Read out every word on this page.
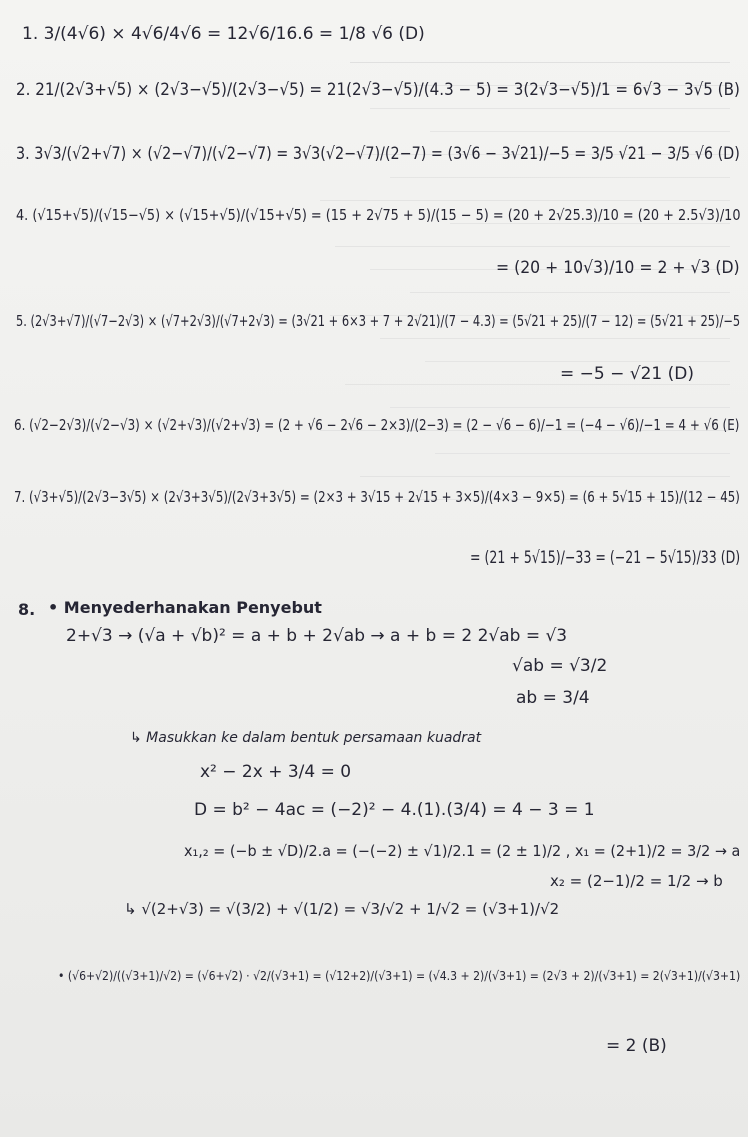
1. 3/(4√6) × 4√6/4√6 = 12√6/16.6 = 1/8 √6 (D)
2. 21/(2√3+√5) × (2√3−√5)/(2√3−√5) = 21(2√3−√5)/(4.3 − 5) = 3(2√3−√5)/1 = 6√3 − 3√5 (B)
3. 3√3/(√2+√7) × (√2−√7)/(√2−√7) = 3√3(√2−√7)/(2−7) = (3√6 − 3√21)/−5 = 3/5 √21 − 3/5 √6 (D)
4. (√15+√5)/(√15−√5) × (√15+√5)/(√15+√5) = (15 + 2√75 + 5)/(15 − 5) = (20 + 2√25.3)/10 = (20 + 2.5√3)/10
= (20 + 10√3)/10 = 2 + √3 (D)
5. (2√3+√7)/(√7−2√3) × (√7+2√3)/(√7+2√3) = (3√21 + 6×3 + 7 + 2√21)/(7 − 4.3) = (5√21 + 25)/(7 − 12) = (5√21 + 25)/−5
= −5 − √21 (D)
6. (√2−2√3)/(√2−√3) × (√2+√3)/(√2+√3) = (2 + √6 − 2√6 − 2×3)/(2−3) = (2 − √6 − 6)/−1 = (−4 − √6)/−1 = 4 + √6 (E)
7. (√3+√5)/(2√3−3√5) × (2√3+3√5)/(2√3+3√5) = (2×3 + 3√15 + 2√15 + 3×5)/(4×3 − 9×5) = (6 + 5√15 + 15)/(12 − 45)
= (21 + 5√15)/−33 = (−21 − 5√15)/33 (D)
8. • Menyederhanakan Penyebut
2+√3 → (√a + √b)² = a + b + 2√ab → a + b = 2 2√ab = √3
√ab = √3/2
ab = 3/4
↳ Masukkan ke dalam bentuk persamaan kuadrat
x² − 2x + 3/4 = 0
D = b² − 4ac = (−2)² − 4.(1).(3/4) = 4 − 3 = 1
x₁,₂ = (−b ± √D)/2.a = (−(−2) ± √1)/2.1 = (2 ± 1)/2 , x₁ = (2+1)/2 = 3/2 → a
x₂ = (2−1)/2 = 1/2 → b
↳ √(2+√3) = √(3/2) + √(1/2) = √3/√2 + 1/√2 = (√3+1)/√2
• (√6+√2)/((√3+1)/√2) = (√6+√2) · √2/(√3+1) = (√12+2)/(√3+1) = (√4.3 + 2)/(√3+1) = (2√3 + 2)/(√3+1) = 2(√3+1)/(√3+1)
= 2 (B)
